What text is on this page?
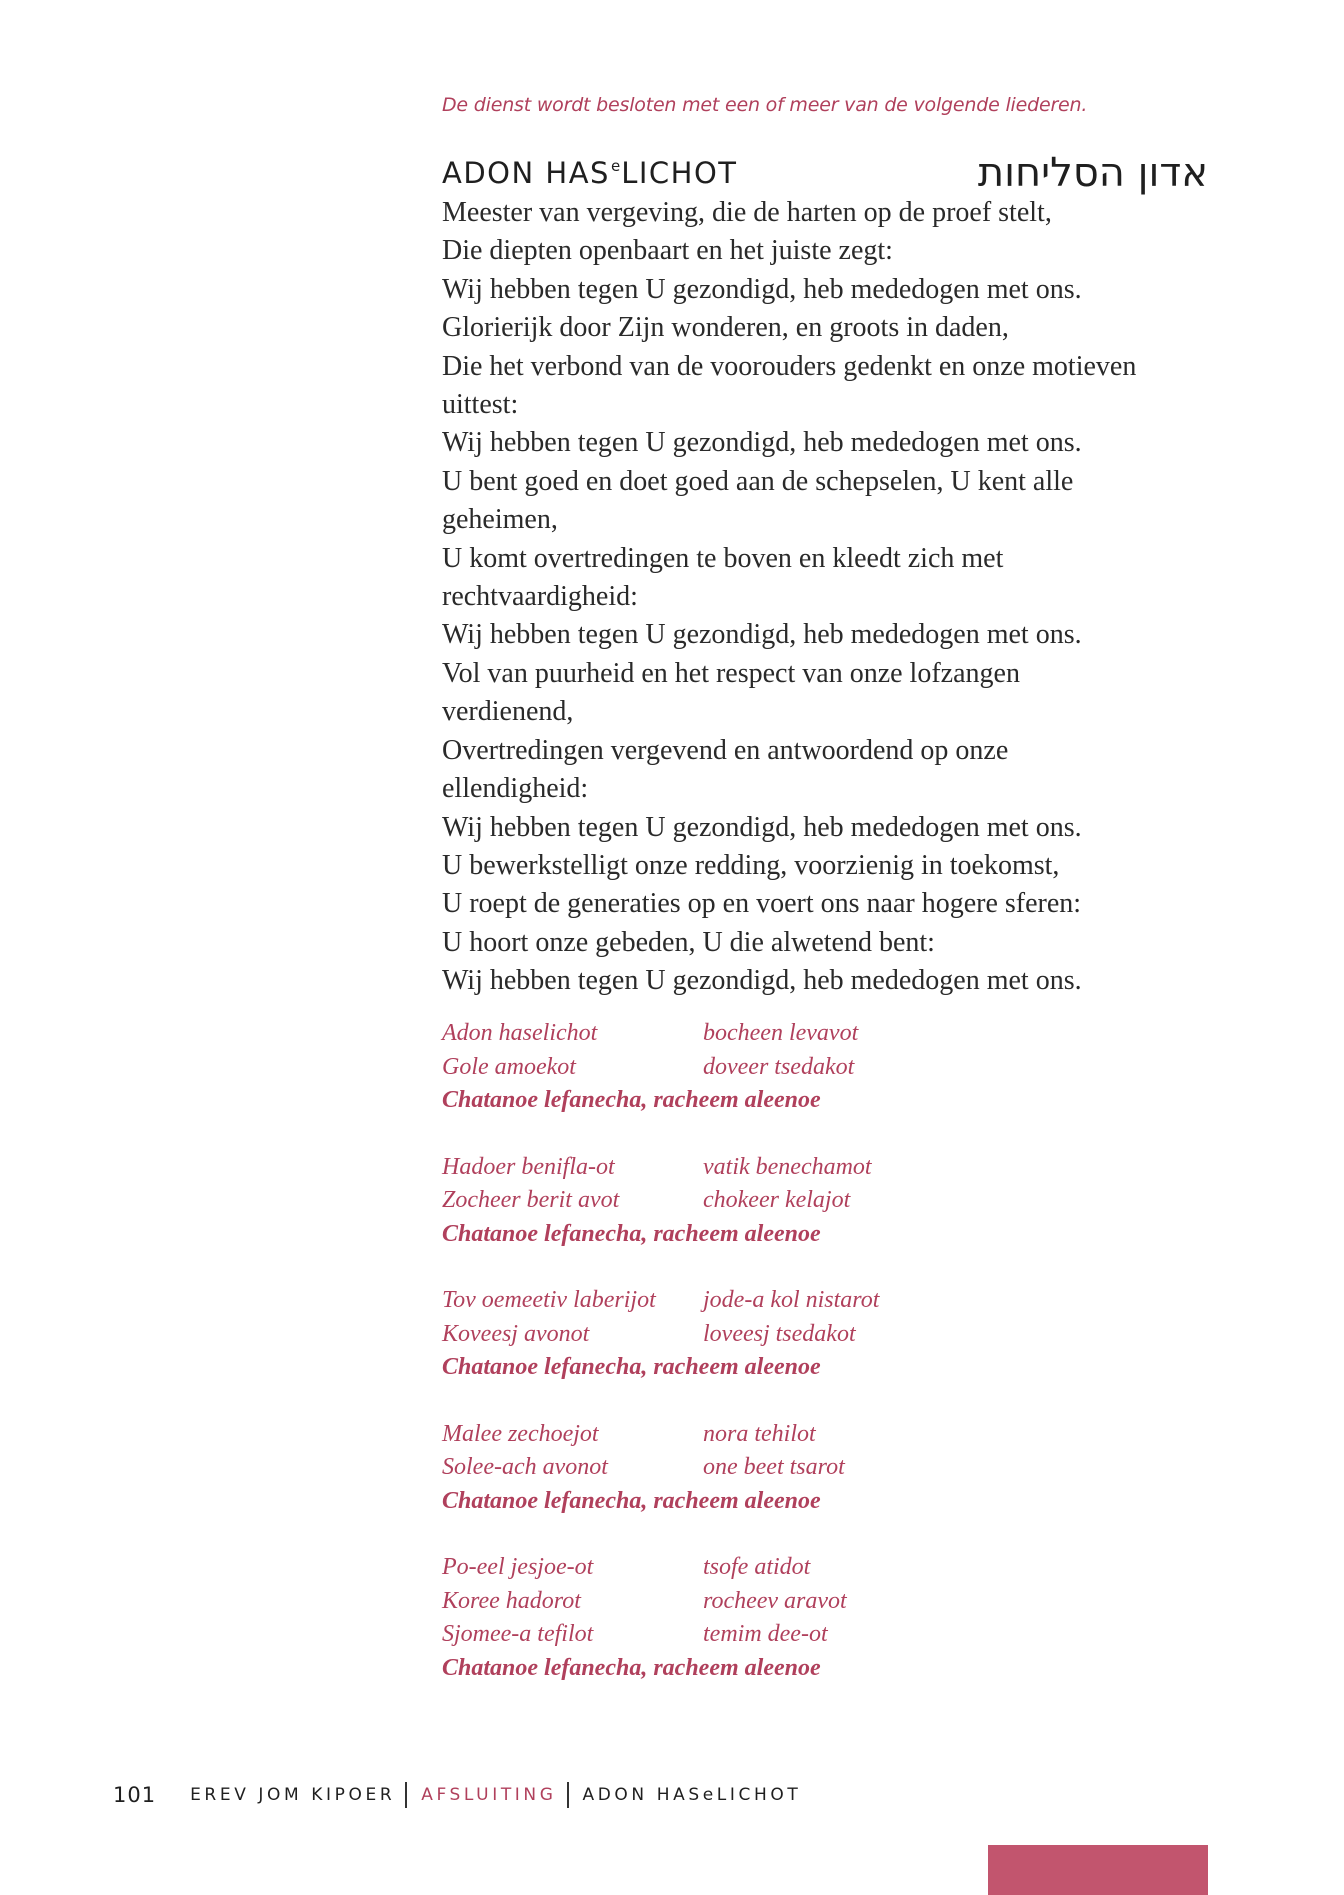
De dienst wordt besloten met een of meer van de volgende liederen.
ADON HAS$^e$LICHOT	אדון הסליחות
Meester van vergeving, die de harten op de proef stelt,
Die diepten openbaart en het juiste zegt:
Wij hebben tegen U gezondigd, heb mededogen met ons.
Glorierijk door Zijn wonderen, en groots in daden,
Die het verbond van de voorouders gedenkt en onze motieven
uittest:
Wij hebben tegen U gezondigd, heb mededogen met ons.
U bent goed en doet goed aan de schepselen, U kent alle
geheimen,
U komt overtredingen te boven en kleedt zich met
rechtvaardigheid:
Wij hebben tegen U gezondigd, heb mededogen met ons.
Vol van puurheid en het respect van onze lofzangen
verdienend,
Overtredingen vergevend en antwoordend op onze
ellendigheid:
Wij hebben tegen U gezondigd, heb mededogen met ons.
U bewerkstelligt onze redding, voorzienig in toekomst,
U roept de generaties op en voert ons naar hogere sferen:
U hoort onze gebeden, U die alwetend bent:
Wij hebben tegen U gezondigd, heb mededogen met ons.
Adon haselichot	bocheen levavot
Gole amoekot	doveer tsedakot
Chatanoe lefanecha, racheem aleenoe
Hadoer benifla-ot	vatik benechamot
Zocheer berit avot	chokeer kelajot
Chatanoe lefanecha, racheem aleenoe
Tov oemeetiv laberijot	jode-a kol nistarot
Koveesj avonot	loveesj tsedakot
Chatanoe lefanecha, racheem aleenoe
Malee zechoejot	nora tehilot
Solee-ach avonot	one beet tsarot
Chatanoe lefanecha, racheem aleenoe
Po-eel jesjoe-ot	tsofe atidot
Koree hadorot	rocheev aravot
Sjomee-a tefilot	temim dee-ot
Chatanoe lefanecha, racheem aleenoe
101 EREV JOM KIPOER AFSLUITING ADON HASeLICHOT
